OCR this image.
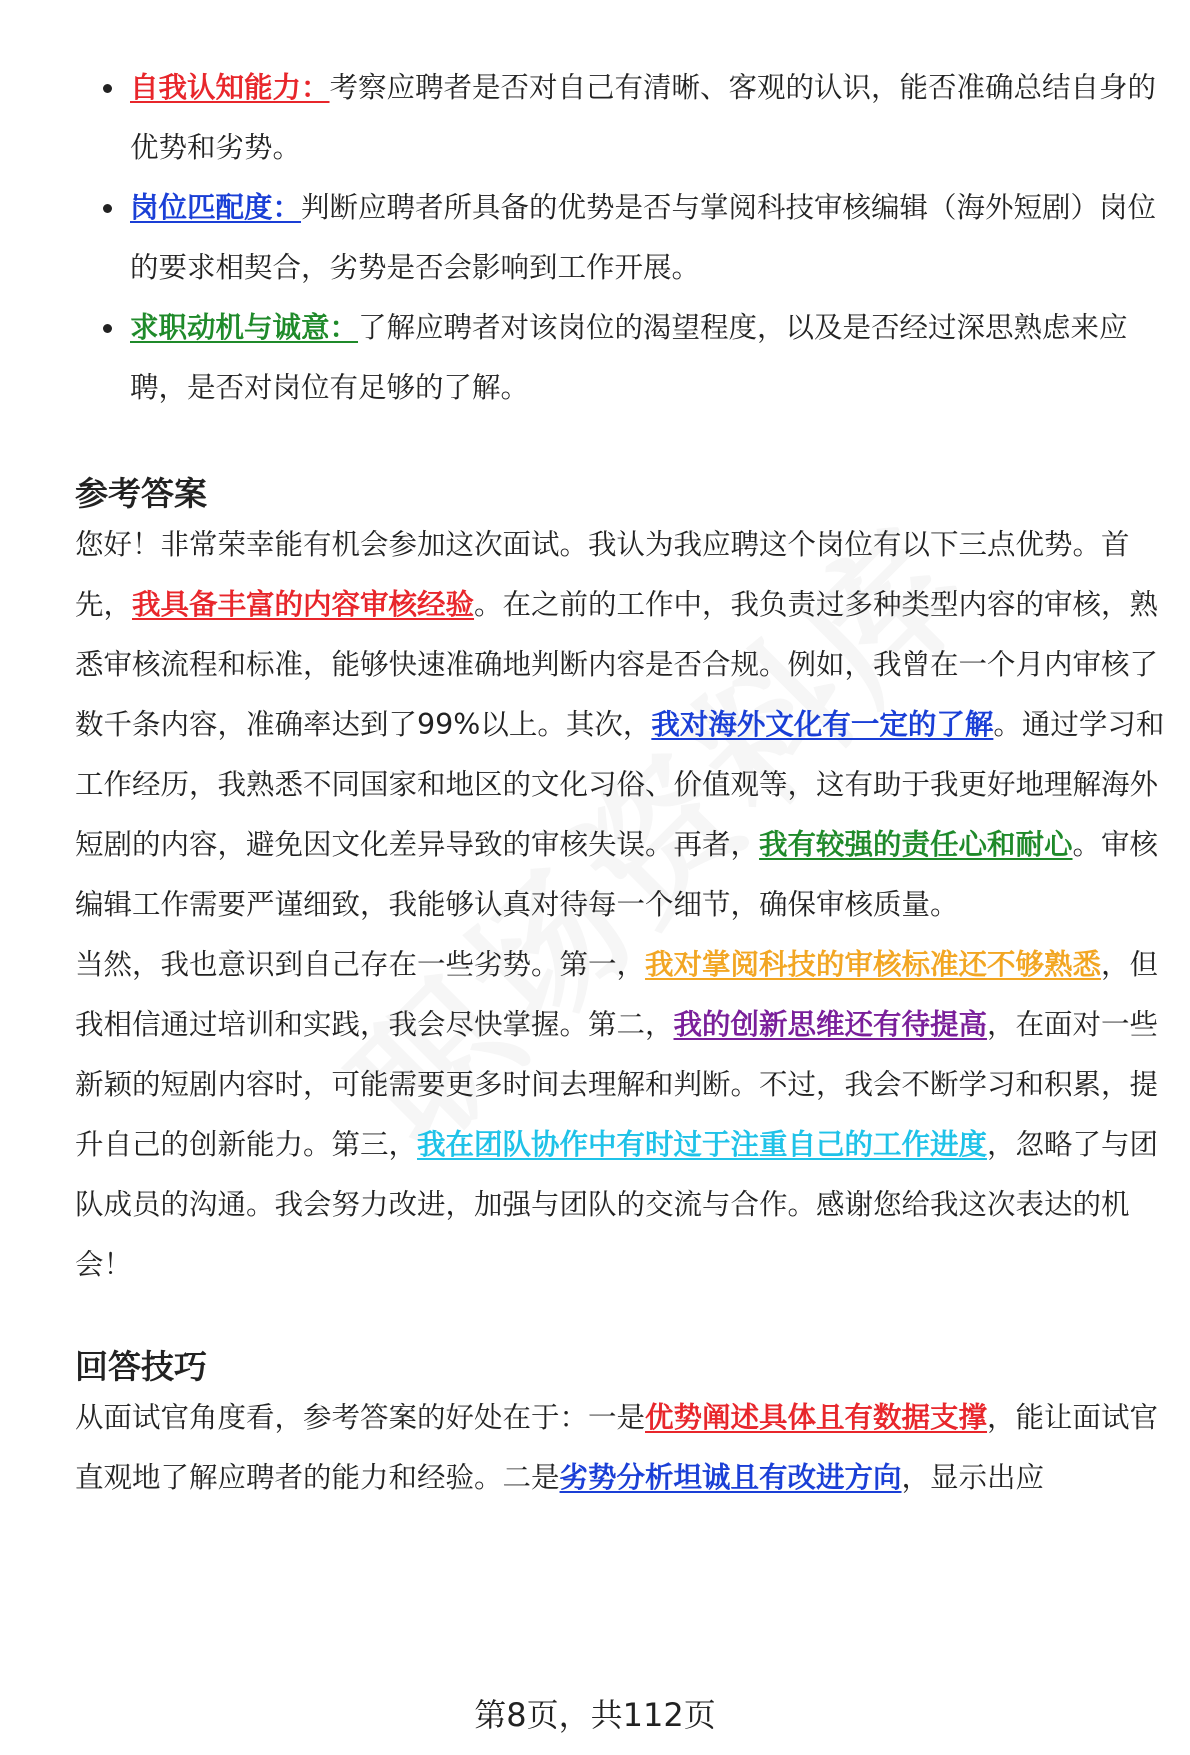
自我认知能力：考察应聘者是否对自己有清晰、客观的认识，能否准确总结自身的优势和劣势。
岗位匹配度：判断应聘者所具备的优势是否与掌阅科技审核编辑（海外短剧）岗位的要求相契合，劣势是否会影响到工作开展。
求职动机与诚意：了解应聘者对该岗位的渴望程度，以及是否经过深思熟虑来应聘，是否对岗位有足够的了解。
参考答案

您好！非常荣幸能有机会参加这次面试。我认为我应聘这个岗位有以下三点优势。首先，我具备丰富的内容审核经验。在之前的工作中，我负责过多种类型内容的审核，熟悉审核流程和标准，能够快速准确地判断内容是否合规。例如，我曾在一个月内审核了数千条内容，准确率达到了99%以上。其次，我对海外文化有一定的了解。通过学习和工作经历，我熟悉不同国家和地区的文化习俗、价值观等，这有助于我更好地理解海外短剧的内容，避免因文化差异导致的审核失误。再者，我有较强的责任心和耐心。审核编辑工作需要严谨细致，我能够认真对待每一个细节，确保审核质量。

当然，我也意识到自己存在一些劣势。第一，我对掌阅科技的审核标准还不够熟悉，但我相信通过培训和实践，我会尽快掌握。第二，我的创新思维还有待提高，在面对一些新颖的短剧内容时，可能需要更多时间去理解和判断。不过，我会不断学习和积累，提升自己的创新能力。第三，我在团队协作中有时过于注重自己的工作进度，忽略了与团队成员的沟通。我会努力改进，加强与团队的交流与合作。感谢您给我这次表达的机会！

回答技巧

从面试官角度看，参考答案的好处在于：一是优势阐述具体且有数据支撑，能让面试官直观地了解应聘者的能力和经验。二是劣势分析坦诚且有改进方向，显示出应

第8页，共112页
